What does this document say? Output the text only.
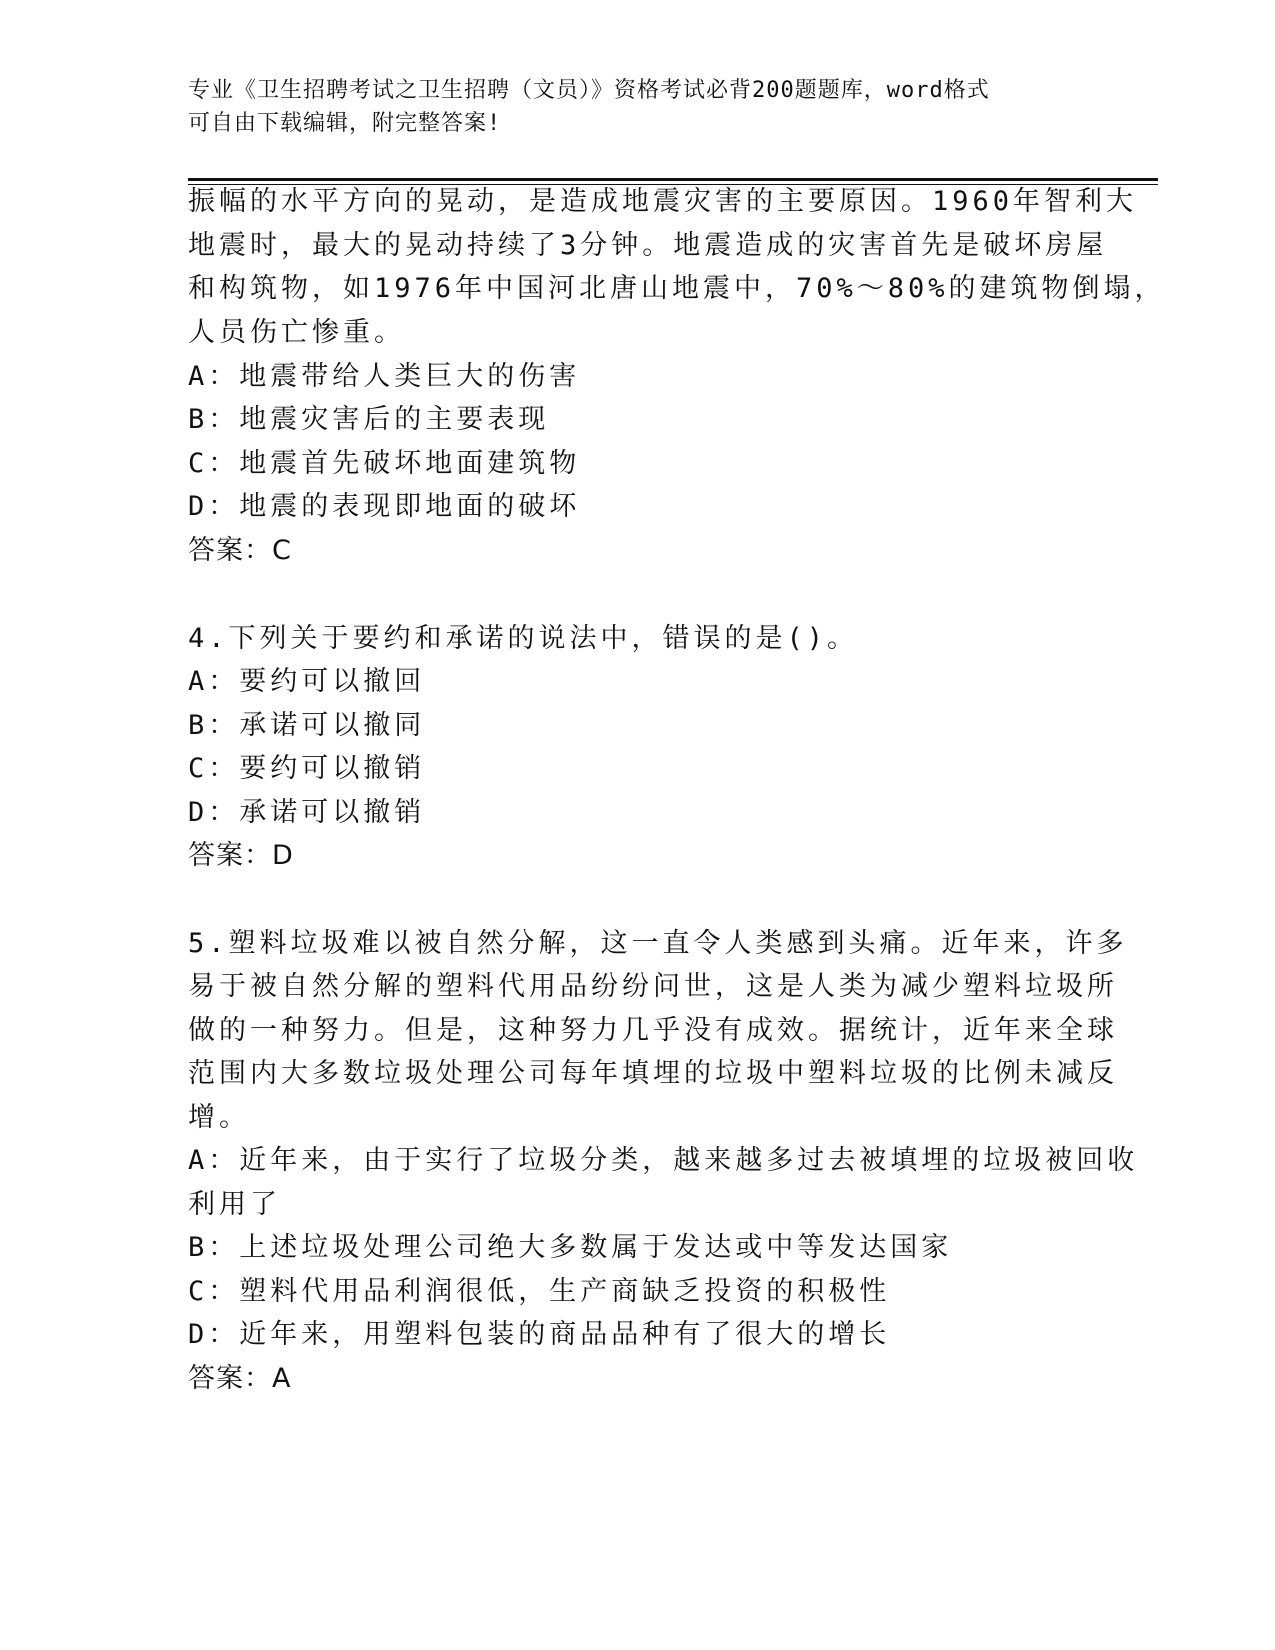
专业《卫生招聘考试之卫生招聘（文员）》资格考试必背200题题库，word格式
可自由下载编辑，附完整答案!
振幅的水平方向的晃动，是造成地震灾害的主要原因。1960年智利大
地震时，最大的晃动持续了3分钟。地震造成的灾害首先是破坏房屋
和构筑物，如1976年中国河北唐山地震中，70%～80%的建筑物倒塌，
人员伤亡惨重。
A：地震带给人类巨大的伤害
B：地震灾害后的主要表现
C：地震首先破坏地面建筑物
D：地震的表现即地面的破坏
答案：C
4.下列关于要约和承诺的说法中，错误的是()。
A：要约可以撤回
B：承诺可以撤同
C：要约可以撤销
D：承诺可以撤销
答案：D
5.塑料垃圾难以被自然分解，这一直令人类感到头痛。近年来，许多
易于被自然分解的塑料代用品纷纷问世，这是人类为减少塑料垃圾所
做的一种努力。但是，这种努力几乎没有成效。据统计，近年来全球
范围内大多数垃圾处理公司每年填埋的垃圾中塑料垃圾的比例未减反
增。
A：近年来，由于实行了垃圾分类，越来越多过去被填埋的垃圾被回收
利用了
B：上述垃圾处理公司绝大多数属于发达或中等发达国家
C：塑料代用品利润很低，生产商缺乏投资的积极性
D：近年来，用塑料包装的商品品种有了很大的增长
答案：A
